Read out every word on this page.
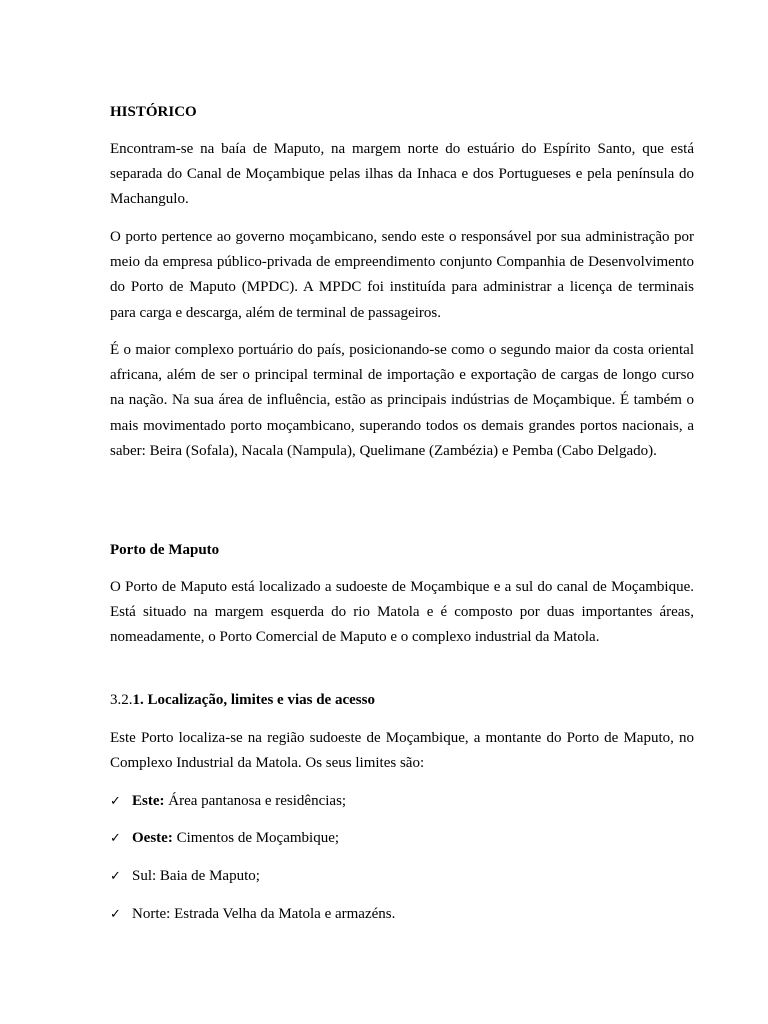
HISTÓRICO
Encontram-se na baía de Maputo, na margem norte do estuário do Espírito Santo, que está separada do Canal de Moçambique pelas ilhas da Inhaca e dos Portugueses e pela península do Machangulo.
O porto pertence ao governo moçambicano, sendo este o responsável por sua administração por meio da empresa público-privada de empreendimento conjunto Companhia de Desenvolvimento do Porto de Maputo (MPDC). A MPDC foi instituída para administrar a licença de terminais para carga e descarga, além de terminal de passageiros.
É o maior complexo portuário do país, posicionando-se como o segundo maior da costa oriental africana, além de ser o principal terminal de importação e exportação de cargas de longo curso na nação. Na sua área de influência, estão as principais indústrias de Moçambique. É também o mais movimentado porto moçambicano, superando todos os demais grandes portos nacionais, a saber: Beira (Sofala), Nacala (Nampula), Quelimane (Zambézia) e Pemba (Cabo Delgado).
Porto de Maputo
O Porto de Maputo está localizado a sudoeste de Moçambique e a sul do canal de Moçambique. Está situado na margem esquerda do rio Matola e é composto por duas importantes áreas, nomeadamente, o Porto Comercial de Maputo e o complexo industrial da Matola.
3.2.1. Localização, limites e vias de acesso
Este Porto localiza-se na região sudoeste de Moçambique, a montante do Porto de Maputo, no Complexo Industrial da Matola. Os seus limites são:
✓ Este: Área pantanosa e residências;
✓ Oeste: Cimentos de Moçambique;
✓ Sul: Baia de Maputo;
✓ Norte: Estrada Velha da Matola e armazéns.
